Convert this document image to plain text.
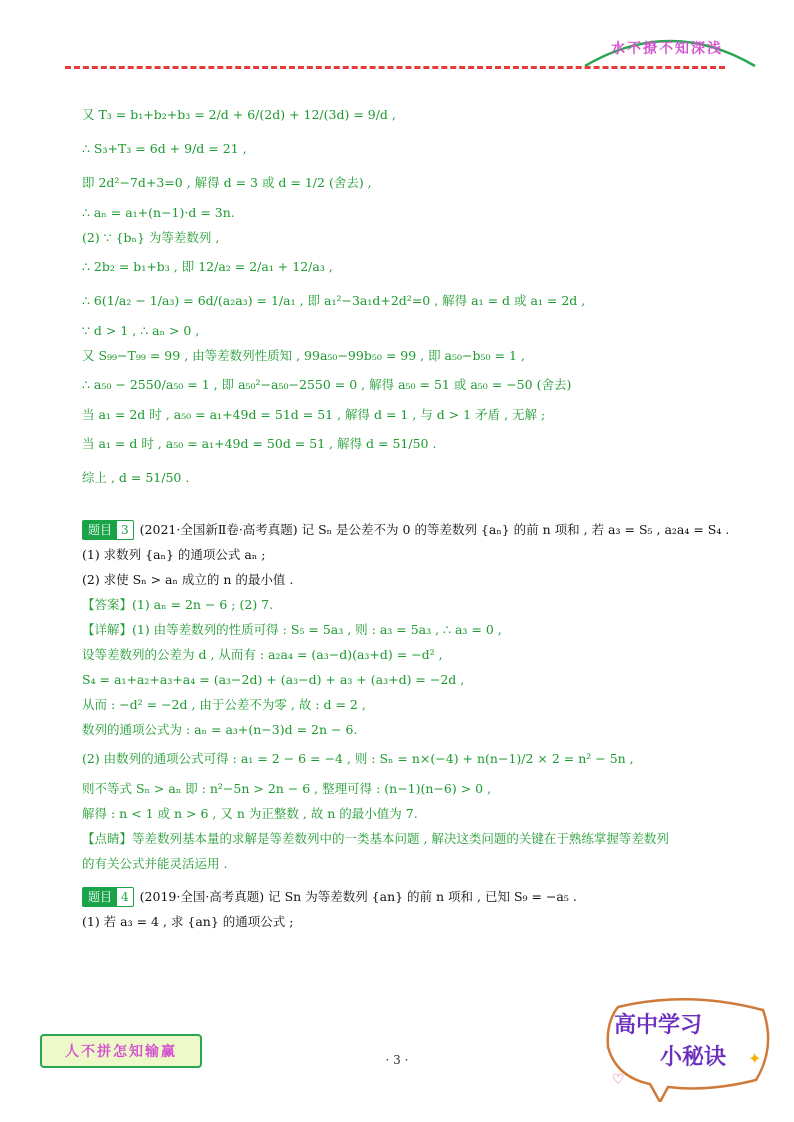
水不撩不知深浅
又 T₃ = b₁+b₂+b₃ = 2/d + 6/(2d) + 12/(3d) = 9/d ,
∴ S₃+T₃ = 6d + 9/d = 21 ,
即 2d²−7d+3=0 , 解得 d = 3 或 d = 1/2 (舍去) ,
∴ aₙ = a₁+(n−1)·d = 3n.
(2) ∵ {bₙ} 为等差数列 ,
∴ 2b₂ = b₁+b₃ , 即 12/a₂ = 2/a₁ + 12/a₃ ,
∴ 6(1/a₂ − 1/a₃) = 6d/(a₂a₃) = 1/a₁ , 即 a₁²−3a₁d+2d²=0 , 解得 a₁ = d 或 a₁ = 2d ,
∵ d > 1 , ∴ aₙ > 0 ,
又 S₉₉−T₉₉ = 99 , 由等差数列性质知 , 99a₅₀−99b₅₀ = 99 , 即 a₅₀−b₅₀ = 1 ,
∴ a₅₀ − 2550/a₅₀ = 1 , 即 a₅₀²−a₅₀−2550 = 0 , 解得 a₅₀ = 51 或 a₅₀ = −50 (舍去)
当 a₁ = 2d 时 , a₅₀ = a₁+49d = 51d = 51 , 解得 d = 1 , 与 d > 1 矛盾 , 无解 ;
当 a₁ = d 时 , a₅₀ = a₁+49d = 50d = 51 , 解得 d = 51/50 .
综上 , d = 51/50 .
题目 3 (2021·全国新Ⅱ卷·高考真题) 记 Sₙ 是公差不为 0 的等差数列 {aₙ} 的前 n 项和 , 若 a₃ = S₅ , a₂a₄ = S₄ .
(1) 求数列 {aₙ} 的通项公式 aₙ ;
(2) 求使 Sₙ > aₙ 成立的 n 的最小值 .
【答案】(1) aₙ = 2n − 6 ; (2) 7.
【详解】(1) 由等差数列的性质可得 : S₅ = 5a₃ , 则 : a₃ = 5a₃ , ∴ a₃ = 0 ,
设等差数列的公差为 d , 从而有 : a₂a₄ = (a₃−d)(a₃+d) = −d² ,
S₄ = a₁+a₂+a₃+a₄ = (a₃−2d) + (a₃−d) + a₃ + (a₃+d) = −2d ,
从而 : −d² = −2d , 由于公差不为零 , 故 : d = 2 ,
数列的通项公式为 : aₙ = a₃+(n−3)d = 2n − 6.
(2) 由数列的通项公式可得 : a₁ = 2 − 6 = −4 , 则 : Sₙ = n×(−4) + n(n−1)/2 × 2 = n² − 5n ,
则不等式 Sₙ > aₙ 即 : n²−5n > 2n − 6 , 整理可得 : (n−1)(n−6) > 0 ,
解得 : n < 1 或 n > 6 , 又 n 为正整数 , 故 n 的最小值为 7.
【点睛】等差数列基本量的求解是等差数列中的一类基本问题 , 解决这类问题的关键在于熟练掌握等差数列
的有关公式并能灵活运用 .
题目 4 (2019·全国·高考真题) 记 Sn 为等差数列 {an} 的前 n 项和 , 已知 S₉ = −a₅ .
(1) 若 a₃ = 4 , 求 {an} 的通项公式 ;
✦
♡
高中学习
小秘诀
人不拼怎知输赢	· 3 ·
